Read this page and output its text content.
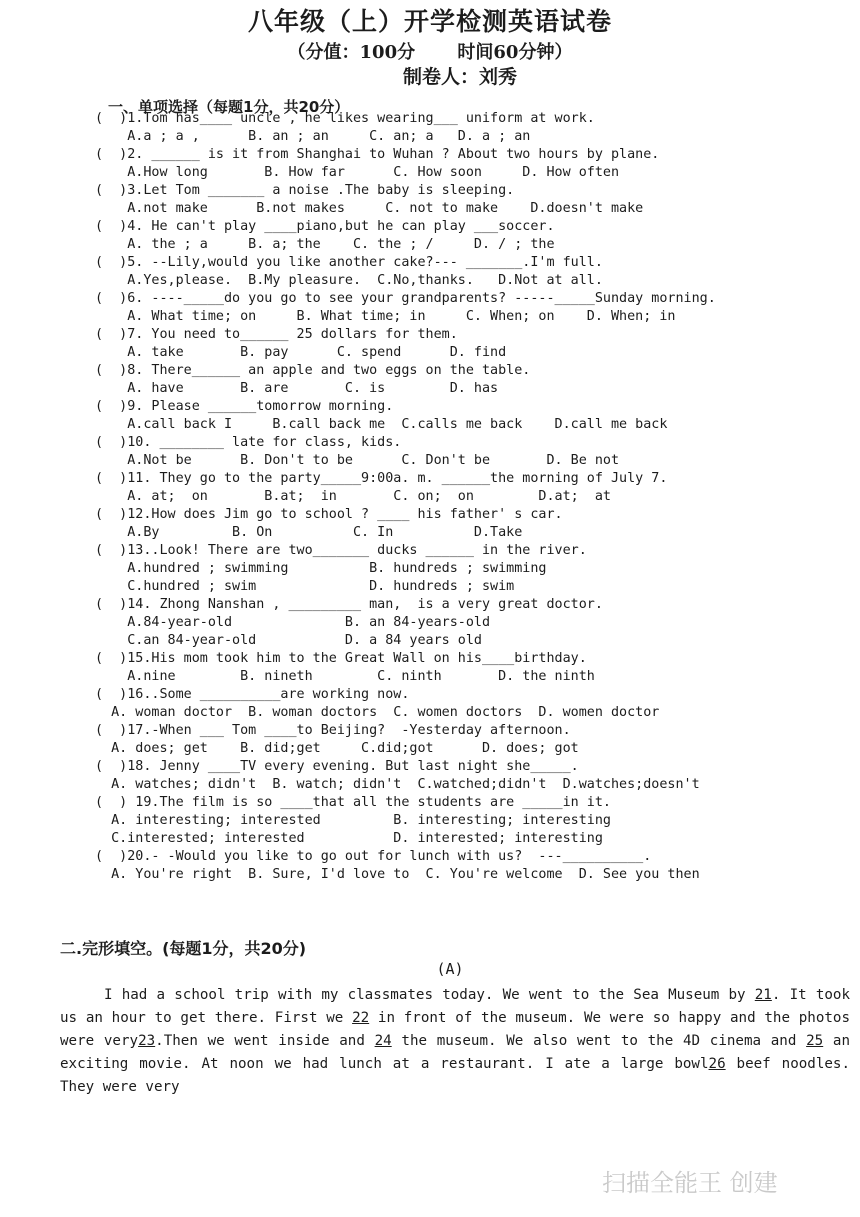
八年级（上）开学检测英语试卷
（分值：100分 时间60分钟）
制卷人：刘秀
一、单项选择（每题1分，共20分）
(  )1.Tom has____ uncle , he likes wearing___ uniform at work.
A.a ; a ,      B. an ; an     C. an; a   D. a ; an
(  )2. ______ is it from Shanghai to Wuhan ? About two hours by plane.
A.How long       B. How far      C. How soon     D. How often
(  )3.Let Tom _______ a noise .The baby is sleeping.
A.not make      B.not makes     C. not to make    D.doesn't make
(  )4. He can't play ____piano,but he can play ___soccer.
A. the ; a     B. a; the    C. the ; /     D. / ; the
(  )5. --Lily,would you like another cake?--- _______.I'm full.
A.Yes,please.  B.My pleasure.  C.No,thanks.   D.Not at all.
(  )6. ----_____do you go to see your grandparents? -----_____Sunday morning.
A. What time; on     B. What time; in     C. When; on    D. When; in
(  )7. You need to______ 25 dollars for them.
A. take       B. pay      C. spend      D. find
(  )8. There______ an apple and two eggs on the table.
A. have       B. are       C. is        D. has
(  )9. Please ______tomorrow morning.
A.call back I     B.call back me  C.calls me back    D.call me back
(  )10. ________ late for class, kids.
A.Not be      B. Don't to be      C. Don't be       D. Be not
(  )11. They go to the party_____9:00a. m. ______the morning of July 7.
A. at;  on       B.at;  in       C. on;  on        D.at;  at
(  )12.How does Jim go to school ? ____ his father' s car.
A.By         B. On          C. In          D.Take
(  )13..Look! There are two_______ ducks ______ in the river.
A.hundred ; swimming          B. hundreds ; swimming
C.hundred ; swim              D. hundreds ; swim
(  )14. Zhong Nanshan , _________ man,  is a very great doctor.
A.84-year-old              B. an 84-years-old
C.an 84-year-old           D. a 84 years old
(  )15.His mom took him to the Great Wall on his____birthday.
A.nine        B. nineth        C. ninth       D. the ninth
(  )16..Some __________are working now.
A. woman doctor  B. woman doctors  C. women doctors  D. women doctor
(  )17.-When ___ Tom ____to Beijing?  -Yesterday afternoon.
A. does; get    B. did;get     C.did;got      D. does; got
(  )18. Jenny ____TV every evening. But last night she_____.
A. watches; didn't  B. watch; didn't  C.watched;didn't  D.watches;doesn't
(  ) 19.The film is so ____that all the students are _____in it.
A. interesting; interested         B. interesting; interesting
C.interested; interested           D. interested; interesting
(  )20.- -Would you like to go out for lunch with us?  ---__________.
A. You're right  B. Sure, I'd love to  C. You're welcome  D. See you then
二.完形填空。(每题1分，共20分)
(A)

I had a school trip with my classmates today. We went to the Sea Museum by 21. It took us an hour to get there. First we 22 in front of the museum. We were so happy and the photos were very23.Then we went inside and 24 the museum. We also went to the 4D cinema and 25 an exciting movie. At noon we had lunch at a restaurant. I ate a large bowl26 beef noodles. They were very

扫描全能王 创建
